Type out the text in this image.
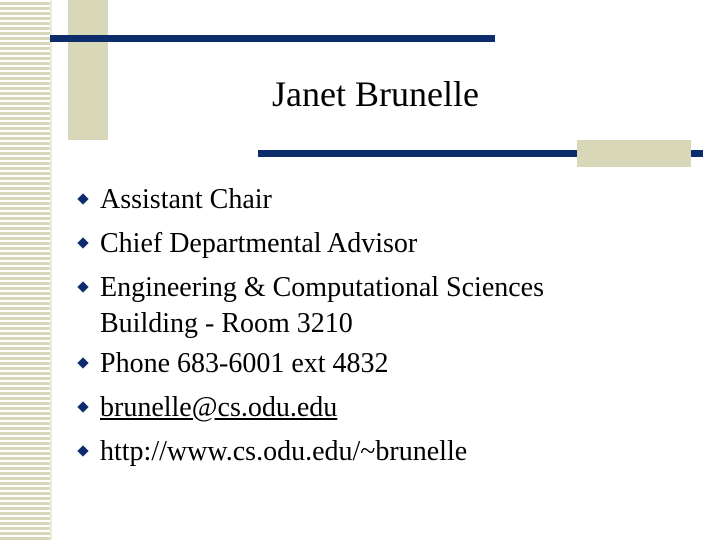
Janet Brunelle
Assistant Chair
Chief Departmental Advisor
Engineering & Computational Sciences
Building - Room 3210
Phone 683-6001 ext 4832
brunelle@cs.odu.edu
http://www.cs.odu.edu/~brunelle
